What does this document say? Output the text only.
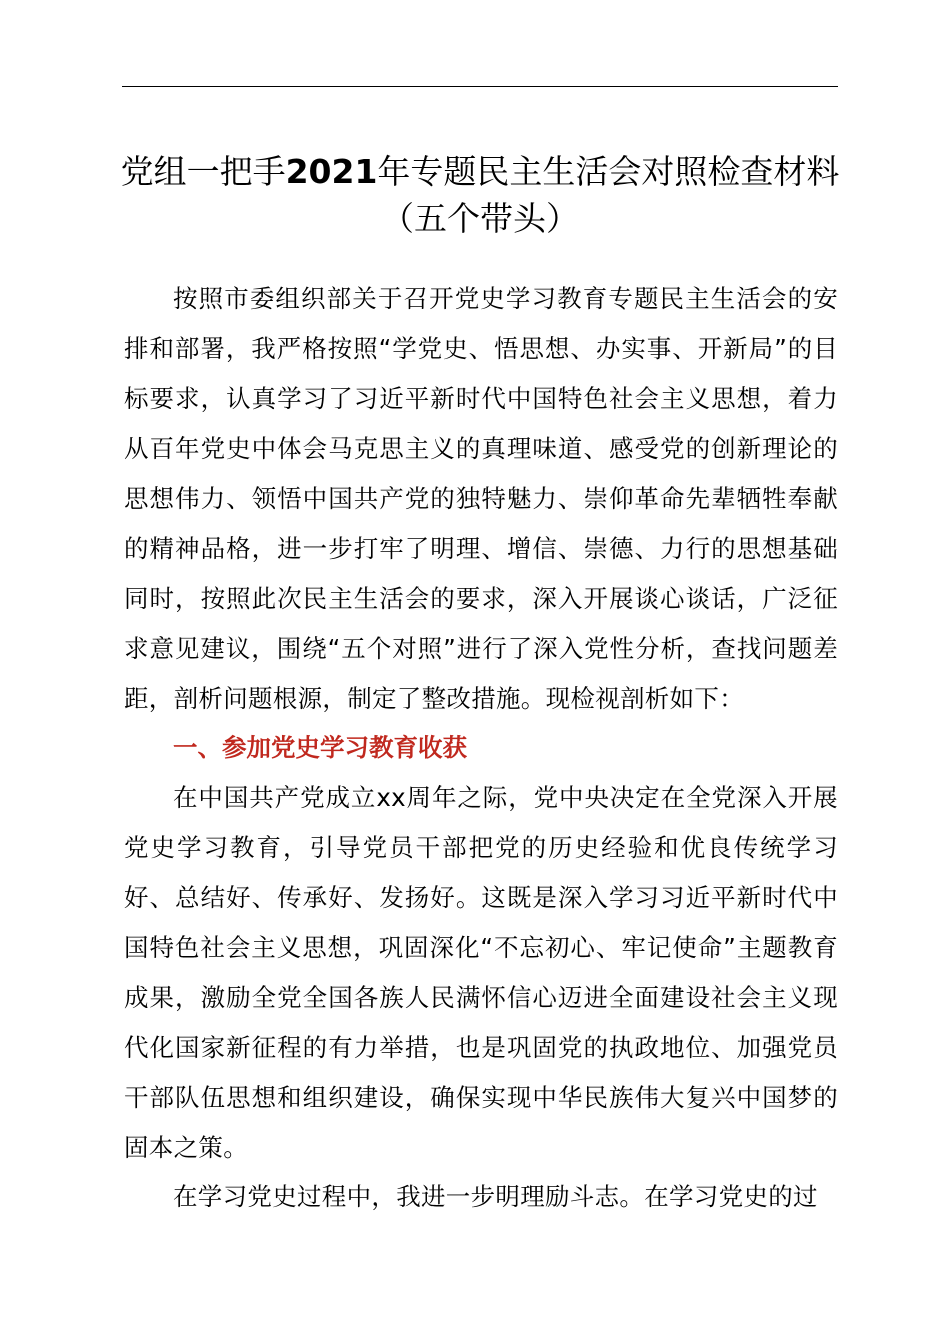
党组一把手2021年专题民主生活会对照检查材料（五个带头）

按照市委组织部关于召开党史学习教育专题民主生活会的安排和部署，我严格按照“学党史、悟思想、办实事、开新局”的目标要求，认真学习了习近平新时代中国特色社会主义思想，着力从百年党史中体会马克思主义的真理味道、感受党的创新理论的思想伟力、领悟中国共产党的独特魅力、崇仰革命先辈牺牲奉献的精神品格，进一步打牢了明理、增信、崇德、力行的思想基础同时，按照此次民主生活会的要求，深入开展谈心谈话，广泛征求意见建议，围绕“五个对照”进行了深入党性分析，查找问题差距，剖析问题根源，制定了整改措施。现检视剖析如下：

一、参加党史学习教育收获

在中国共产党成立xx周年之际，党中央决定在全党深入开展党史学习教育，引导党员干部把党的历史经验和优良传统学习好、总结好、传承好、发扬好。这既是深入学习习近平新时代中国特色社会主义思想，巩固深化“不忘初心、牢记使命”主题教育成果，激励全党全国各族人民满怀信心迈进全面建设社会主义现代化国家新征程的有力举措，也是巩固党的执政地位、加强党员干部队伍思想和组织建设，确保实现中华民族伟大复兴中国梦的固本之策。

在学习党史过程中，我进一步明理励斗志。在学习党史的过
